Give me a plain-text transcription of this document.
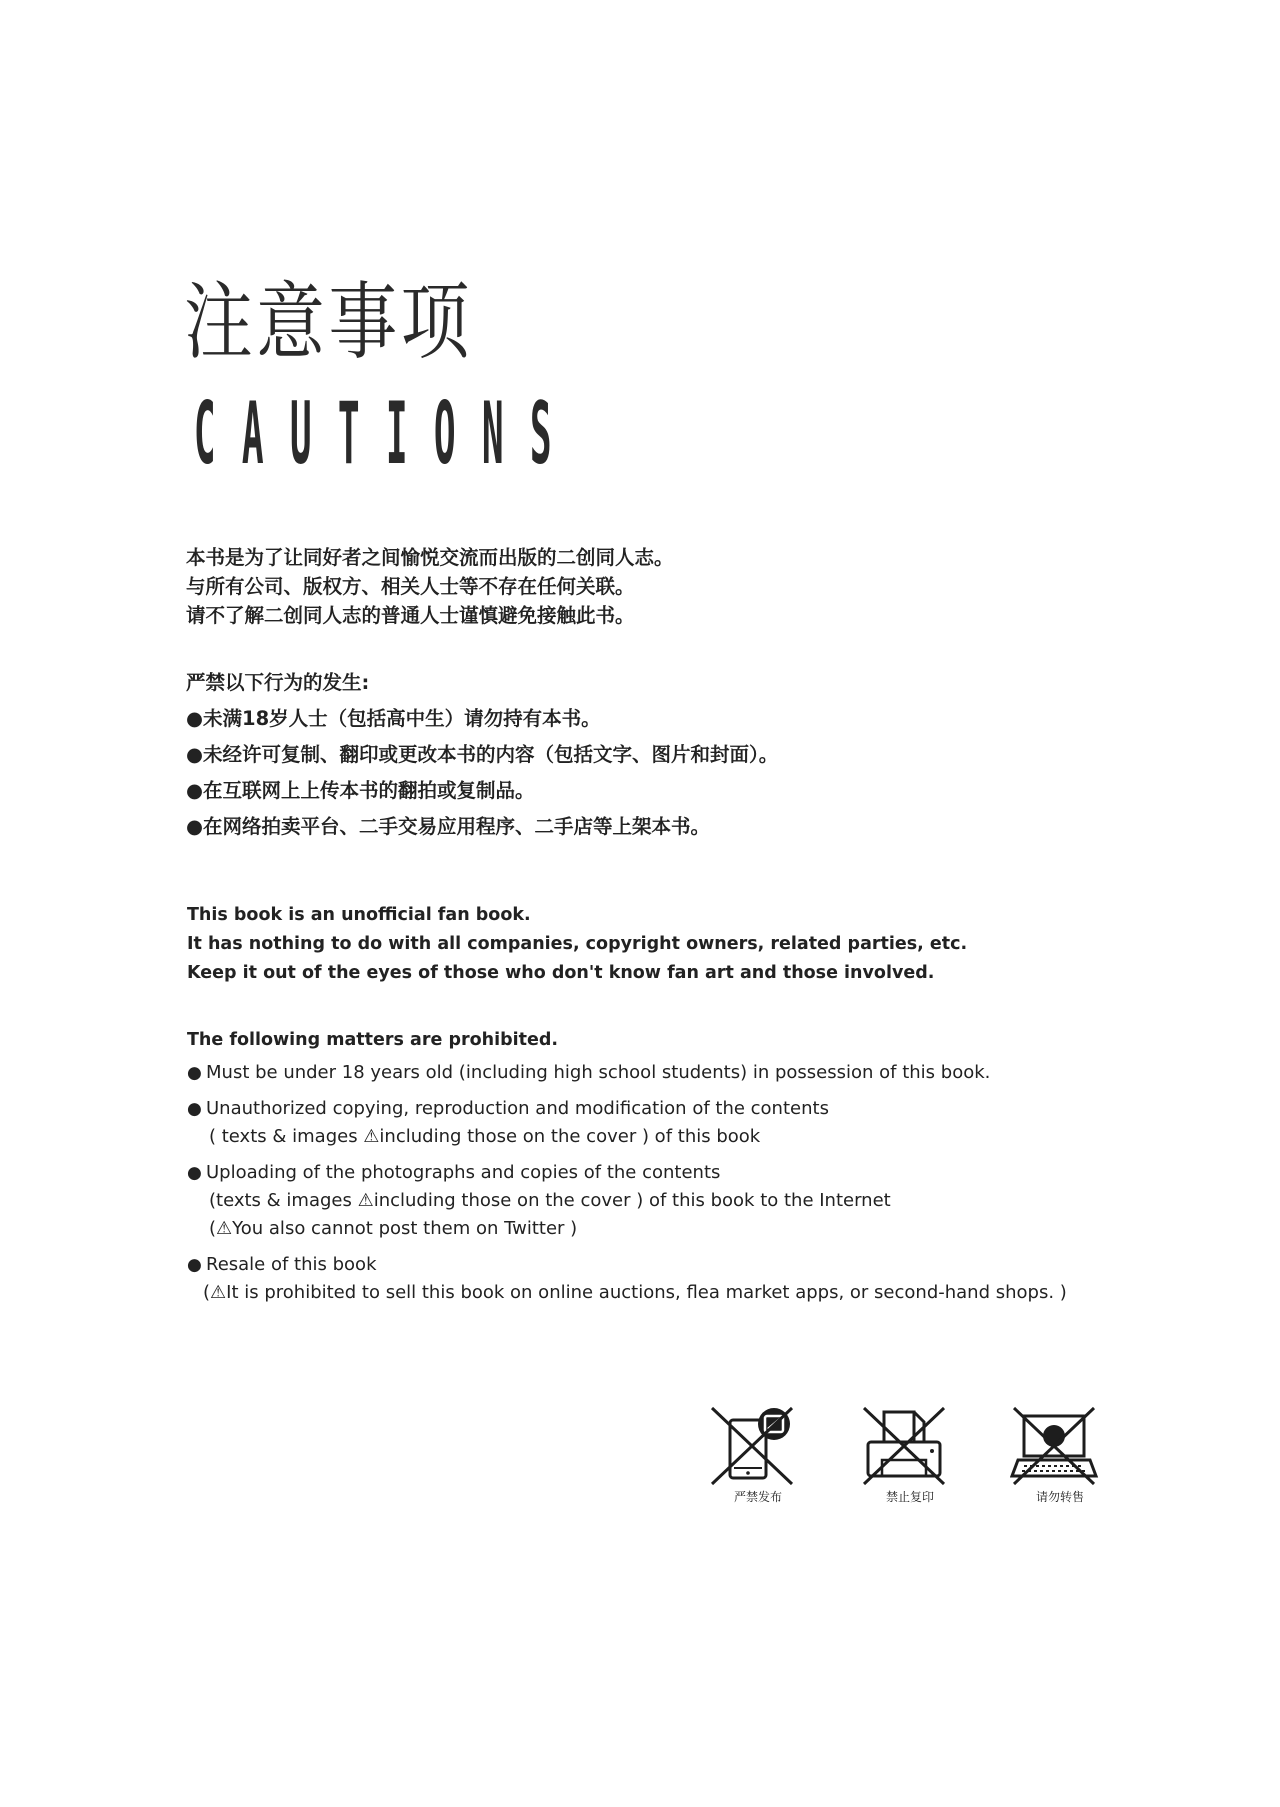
注意事项
C A U T I O N S
本书是为了让同好者之间愉悦交流而出版的二创同人志。
与所有公司、版权方、相关人士等不存在任何关联。
请不了解二创同人志的普通人士谨慎避免接触此书。
严禁以下行为的发生:
●未满18岁人士（包括高中生）请勿持有本书。
●未经许可复制、翻印或更改本书的内容（包括文字、图片和封面）。
●在互联网上上传本书的翻拍或复制品。
●在网络拍卖平台、二手交易应用程序、二手店等上架本书。
This book is an unofficial fan book.
It has nothing to do with all companies, copyright owners, related parties, etc.
Keep it out of the eyes of those who don't know fan art and those involved.
The following matters are prohibited.
● Must be under 18 years old (including high school students) in possession of this book.
● Unauthorized copying, reproduction and modification of the contents
( texts & images ⚠including those on the cover ) of this book
● Uploading of the photographs and copies of the contents
(texts & images ⚠including those on the cover ) of this book to the Internet
(⚠You also cannot post them on Twitter )
● Resale of this book
(⚠It is prohibited to sell this book on online auctions, flea market apps, or second-hand shops. )
严禁发布	禁止复印	请勿转售
